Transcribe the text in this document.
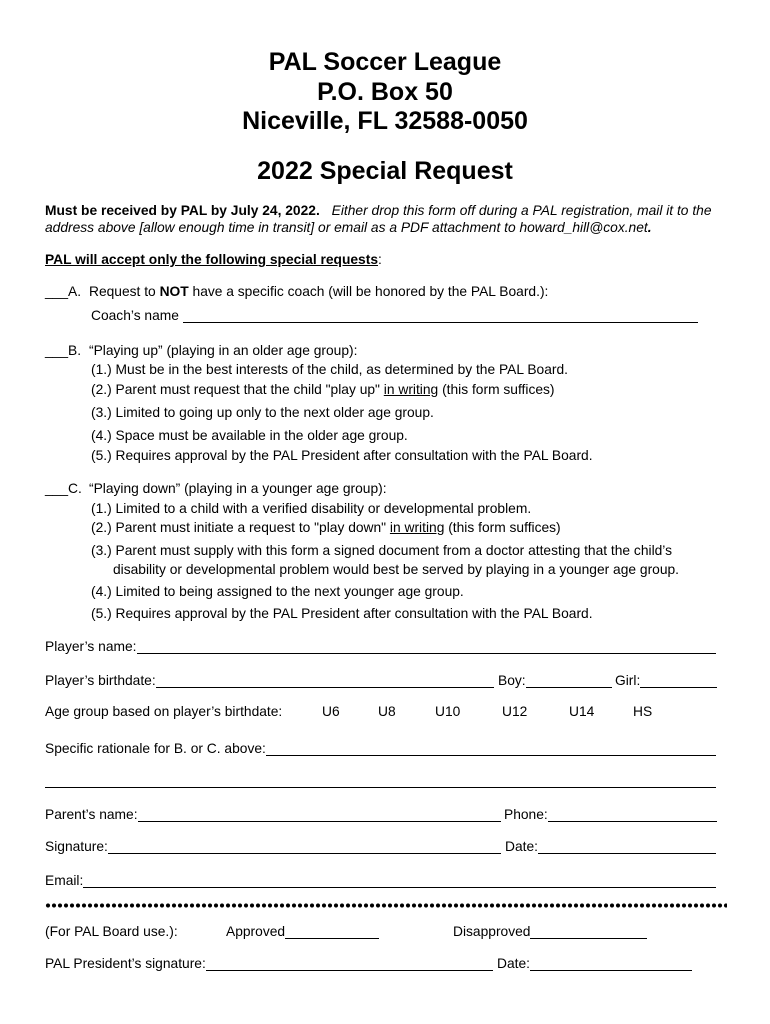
PAL Soccer League
P.O. Box 50
Niceville, FL 32588-0050
2022 Special Request
Must be received by PAL by July 24, 2022. Either drop this form off during a PAL registration, mail it to the address above [allow enough time in transit] or email as a PDF attachment to howard_hill@cox.net.
PAL will accept only the following special requests:
___A. Request to NOT have a specific coach (will be honored by the PAL Board.):
Coach’s name
___B. “Playing up” (playing in an older age group):
(1.) Must be in the best interests of the child, as determined by the PAL Board.
(2.) Parent must request that the child "play up" in writing (this form suffices)
(3.) Limited to going up only to the next older age group.
(4.) Space must be available in the older age group.
(5.) Requires approval by the PAL President after consultation with the PAL Board.
___C. “Playing down” (playing in a younger age group):
(1.) Limited to a child with a verified disability or developmental problem.
(2.) Parent must initiate a request to "play down" in writing (this form suffices)
(3.) Parent must supply with this form a signed document from a doctor attesting that the child’s disability or developmental problem would best be served by playing in a younger age group.
(4.) Limited to being assigned to the next younger age group.
(5.) Requires approval by the PAL President after consultation with the PAL Board.
Player’s name:
Player’s birthdate:	Boy:	Girl:
Age group based on player’s birthdate:	U6	U8	U10	U12	U14	HS
Specific rationale for B. or C. above:
Parent’s name:	Phone:
Signature:	Date:
Email:
(For PAL Board use.):	Approved	Disapproved
PAL President’s signature:	Date:
